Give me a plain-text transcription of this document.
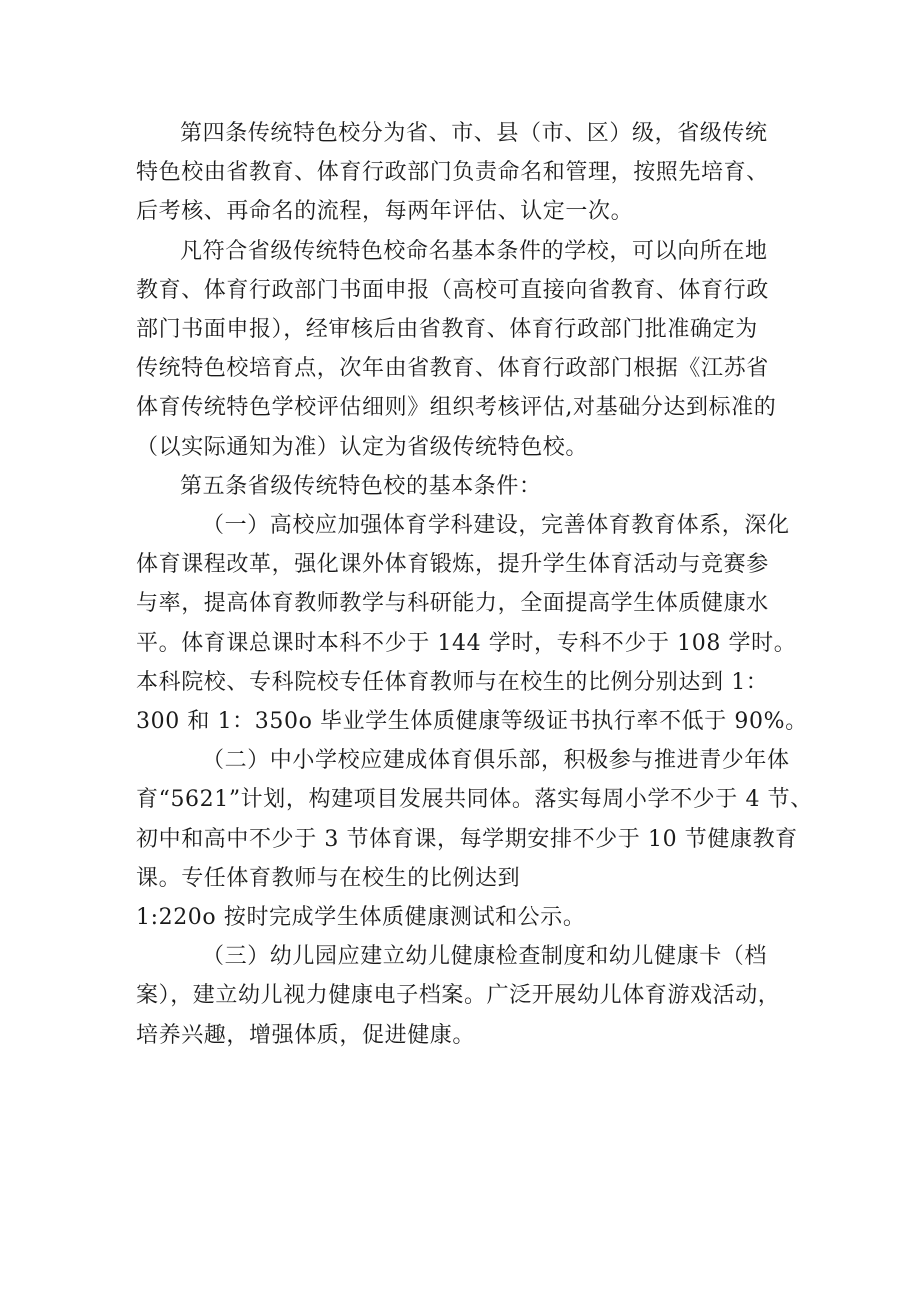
第四条传统特色校分为省、市、县（市、区）级，省级传统
特色校由省教育、体育行政部门负责命名和管理，按照先培育、
后考核、再命名的流程，每两年评估、认定一次。

凡符合省级传统特色校命名基本条件的学校，可以向所在地
教育、体育行政部门书面申报（高校可直接向省教育、体育行政
部门书面申报），经审核后由省教育、体育行政部门批准确定为
传统特色校培育点，次年由省教育、体育行政部门根据《江苏省
体育传统特色学校评估细则》组织考核评估,对基础分达到标准的
（以实际通知为准）认定为省级传统特色校。

第五条省级传统特色校的基本条件：

（一）高校应加强体育学科建设，完善体育教育体系，深化
体育课程改革，强化课外体育锻炼，提升学生体育活动与竞赛参
与率，提高体育教师教学与科研能力，全面提高学生体质健康水
平。体育课总课时本科不少于 144 学时，专科不少于 108 学时。
本科院校、专科院校专任体育教师与在校生的比例分别达到 1：
300 和 1：350o 毕业学生体质健康等级证书执行率不低于 90%。

（二）中小学校应建成体育俱乐部，积极参与推进青少年体
育“5621”计划，构建项目发展共同体。落实每周小学不少于 4 节、
初中和高中不少于 3 节体育课，每学期安排不少于 10 节健康教育
课。专任体育教师与在校生的比例达到
1:220o 按时完成学生体质健康测试和公示。

（三）幼儿园应建立幼儿健康检查制度和幼儿健康卡（档
案），建立幼儿视力健康电子档案。广泛开展幼儿体育游戏活动，
培养兴趣，增强体质，促进健康。
